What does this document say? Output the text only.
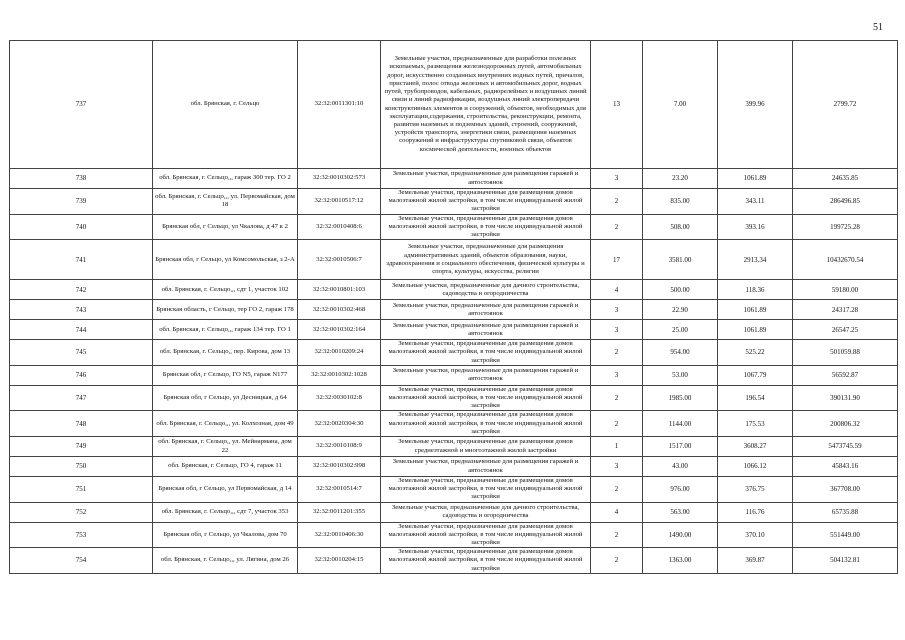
51
737	обл. Брянская, г. Сельцо	32:32:0011301:10	Земельные участки, предназначенные для разработки полезных ископаемых, размещения железнодорожных путей, автомобильных дорог, искусственно созданных внутренних водных путей, причалов, пристаней, полос отвода железных и автомобильных дорог, водных путей, трубопроводов, кабельных, радиорелейных и воздушных линий связи и линий радиофикации, воздушных линий электропередачи конструктивных элементов и сооружений, объектов, необходимых для эксплуатации,содержания, строительства, реконструкции, ремонта, развития наземных и подземных зданий, строений, сооружений, устройств транспорта, энергетики связи, размещения наземных сооружений и инфраструктуры спутниковой связи, объектов космической деятельности, военных объектов	13	7.00	399.96	2799.72
738	обл. Брянская, г. Сельцо,,, гараж 300 тер. ГО 2	32:32:0010302:573	Земельные участки, предназначенные для размещения гаражей и автостоянок	3	23.20	1061.89	24635.85
739	обл. Брянская, г. Сельцо,,, ул. Первомайская, дом 18	32:32:0010517:12	Земельные участки, предназначенные для размещения домов малоэтажной жилой застройки, в том числе индивидуальной жилой застройки	2	835.00	343.11	286496.85
740	Брянская обл, г Сельцо, ул Чкалова, д 47 к 2	32:32:0010408:6	Земельные участки, предназначенные для размещения домов малоэтажной жилой застройки, в том числе индивидуальной жилой застройки	2	508.00	393.16	199725.28
741	Брянская обл, г Сельцо, ул Комсомольская, з 2-А	32:32:0010506:7	Земельные участки, предназначенные для размещения административных зданий, объектов образования, науки, здравоохранения и социального обеспечения, физической культуры и спорта, культуры, искусства, религии	17	3581.00	2913.34	10432670.54
742	обл. Брянская, г. Сельцо,,, сдт 1, участок 102	32:32:0010801:103	Земельные участки, предназначенные для дачного строительства, садоводства и огородничества	4	500.00	118.36	59180.00
743	Брянская область, г Сельцо, тер ГО 2, гараж 178	32:32:0010302:468	Земельные участки, предназначенные для размещения гаражей и автостоянок	3	22.90	1061.89	24317.28
744	обл. Брянская, г. Сельцо,,, гараж 134 тер. ГО 1	32:32:0010302:164	Земельные участки, предназначенные для размещения гаражей и автостоянок	3	25.00	1061.89	26547.25
745	обл. Брянская, г. Сельцо,, пер. Кирова, дом 13	32:32:0010209:24	Земельные участки, предназначенные для размещения домов малоэтажной жилой застройки, в том числе индивидуальной жилой застройки	2	954.00	525.22	501059.88
746	Брянская обл, г Сельцо, ГО N5, гараж N177	32:32:0010302:1028	Земельные участки, предназначенные для размещения гаражей и автостоянок	3	53.00	1067.79	56592.87
747	Брянская обл, г Сельцо, ул Десницкая, д 64	32:32:0030102:8	Земельные участки, предназначенные для размещения домов малоэтажной жилой застройки, в том числе индивидуальной жилой застройки	2	1985.00	196.54	390131.90
748	обл. Брянская, г. Сельцо,,, ул. Колхозная, дом 49	32:32:0020304:30	Земельные участки, предназначенные для размещения домов малоэтажной жилой застройки, в том числе индивидуальной жилой застройки	2	1144.00	175.53	200806.32
749	обл. Брянская, г. Сельцо,, ул. Мейнармана, дом 22	32:32:0010108:9	Земельные участки, предназначенные для размещения домов среднеэтажной и многоэтажной жилой застройки	1	1517.00	3608.27	5473745.59
750	обл. Брянская, г. Сельцо, ГО 4, гараж 11	32:32:0010302:998	Земельные участки, предназначенные для размещения гаражей и автостоянок	3	43.00	1066.12	45843.16
751	Брянская обл, г Сельцо, ул Первомайская, д 14	32:32:0010514:7	Земельные участки, предназначенные для размещения домов малоэтажной жилой застройки, в том числе индивидуальной жилой застройки	2	976.00	376.75	367708.00
752	обл. Брянская, г. Сельцо,,, сдт 7, участок 353	32:32:0011201:355	Земельные участки, предназначенные для дачного строительства, садоводства и огородничества	4	563.00	116.76	65735.88
753	Брянская обл, г Сельцо, ул Чкалова, дом 70	32:32:0010406:30	Земельные участки, предназначенные для размещения домов малоэтажной жилой застройки, в том числе индивидуальной жилой застройки	2	1490.00	370.10	551449.00
754	обл. Брянская, г. Сельцо,,, ул. Лягина, дом 26	32:32:0010204:15	Земельные участки, предназначенные для размещения домов малоэтажной жилой застройки, в том числе индивидуальной жилой застройки	2	1363.00	369.87	504132.81
